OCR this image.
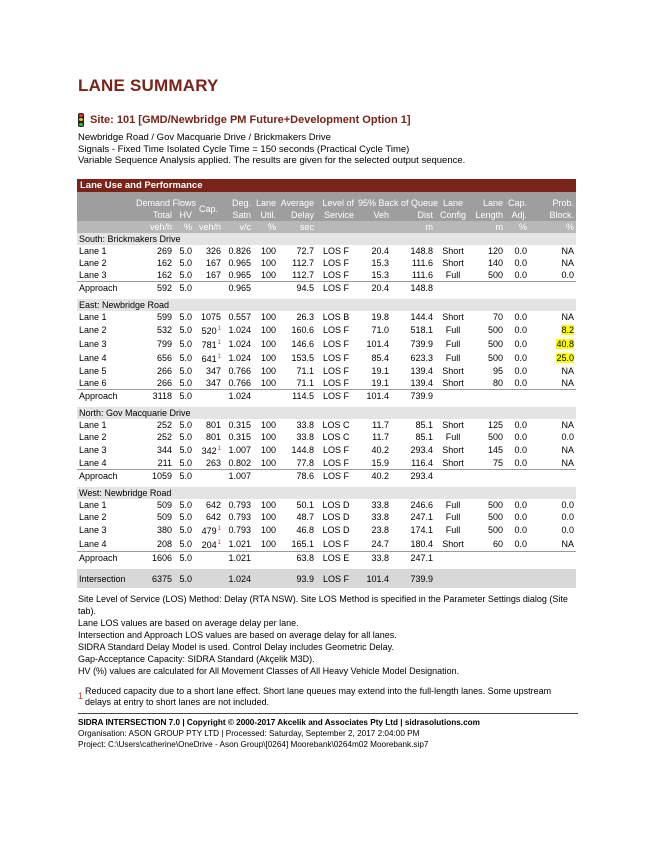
LANE SUMMARY
Site: 101 [GMD/Newbridge PM Future+Development Option 1]
Newbridge Road / Gov Macquarie Drive / Brickmakers Drive
Signals - Fixed Time Isolated Cycle Time = 150 seconds (Practical Cycle Time)
Variable Sequence Analysis applied. The results are given for the selected output sequence.
Lane Use and Performance
	Demand Flows		Cap.	Deg.	Lane	Average	Level of	95% Back of Queue		Lane	Lane	Cap.	Prob.
	Total	HV		Satn	Util.	Delay	Service	Veh	Dist	Config	Length	Adj.	Block.
	veh/h	%	veh/h	v/c	%	sec			m		m	%	%
South: Brickmakers Drive													
Lane 1	269	5.0	326	0.826	100	72.7	LOS F	20.4	148.8	Short	120	0.0	NA
Lane 2	162	5.0	167	0.965	100	112.7	LOS F	15.3	111.6	Short	140	0.0	NA
Lane 3	162	5.0	167	0.965	100	112.7	LOS F	15.3	111.6	Full	500	0.0	0.0
Approach	592	5.0		0.965		94.5	LOS F	20.4	148.8				

East: Newbridge Road													
Lane 1	599	5.0	1075	0.557	100	26.3	LOS B	19.8	144.4	Short	70	0.0	NA
Lane 2	532	5.0	$520^1$	1.024	100	160.6	LOS F	71.0	518.1	Full	500	0.0	8.2
Lane 3	799	5.0	$781^1$	1.024	100	146.6	LOS F	101.4	739.9	Full	500	0.0	40.8
Lane 4	656	5.0	$641^1$	1.024	100	153.5	LOS F	85.4	623.3	Full	500	0.0	25.0
Lane 5	266	5.0	347	0.766	100	71.1	LOS F	19.1	139.4	Short	95	0.0	NA
Lane 6	266	5.0	347	0.766	100	71.1	LOS F	19.1	139.4	Short	80	0.0	NA
Approach	3118	5.0		1.024		114.5	LOS F	101.4	739.9				

North: Gov Macquarie Drive													
Lane 1	252	5.0	801	0.315	100	33.8	LOS C	11.7	85.1	Short	125	0.0	NA
Lane 2	252	5.0	801	0.315	100	33.8	LOS C	11.7	85.1	Full	500	0.0	0.0
Lane 3	344	5.0	$342^1$	1.007	100	144.8	LOS F	40.2	293.4	Short	145	0.0	NA
Lane 4	211	5.0	263	0.802	100	77.8	LOS F	15.9	116.4	Short	75	0.0	NA
Approach	1059	5.0		1.007		78.6	LOS F	40.2	293.4				

West: Newbridge Road													
Lane 1	509	5.0	642	0.793	100	50.1	LOS D	33.8	246.6	Full	500	0.0	0.0
Lane 2	509	5.0	642	0.793	100	48.7	LOS D	33.8	247.1	Full	500	0.0	0.0
Lane 3	380	5.0	$479^1$	0.793	100	46.8	LOS D	23.8	174.1	Full	500	0.0	0.0
Lane 4	208	5.0	$204^1$	1.021	100	165.1	LOS F	24.7	180.4	Short	60	0.0	NA
Approach	1606	5.0		1.021		63.8	LOS E	33.8	247.1				

Intersection	6375	5.0		1.024		93.9	LOS F	101.4	739.9				

Site Level of Service (LOS) Method: Delay (RTA NSW). Site LOS Method is specified in the Parameter Settings dialog (Site tab).

Lane LOS values are based on average delay per lane.

Intersection and Approach LOS values are based on average delay for all lanes.

SIDRA Standard Delay Model is used. Control Delay includes Geometric Delay.

Gap-Acceptance Capacity: SIDRA Standard (Akçelik M3D).

HV (%) values are calculated for All Movement Classes of All Heavy Vehicle Model Designation.

1 Reduced capacity due to a short lane effect. Short lane queues may extend into the full-length lanes. Some upstream delays at entry to short lanes are not included.
SIDRA INTERSECTION 7.0 | Copyright © 2000-2017 Akcelik and Associates Pty Ltd | sidrasolutions.com
Organisation: ASON GROUP PTY LTD | Processed: Saturday, September 2, 2017 2:04:00 PM
Project: C:\Users\catherine\OneDrive - Ason Group\[0264] Moorebank\0264m02 Moorebank.sip7
